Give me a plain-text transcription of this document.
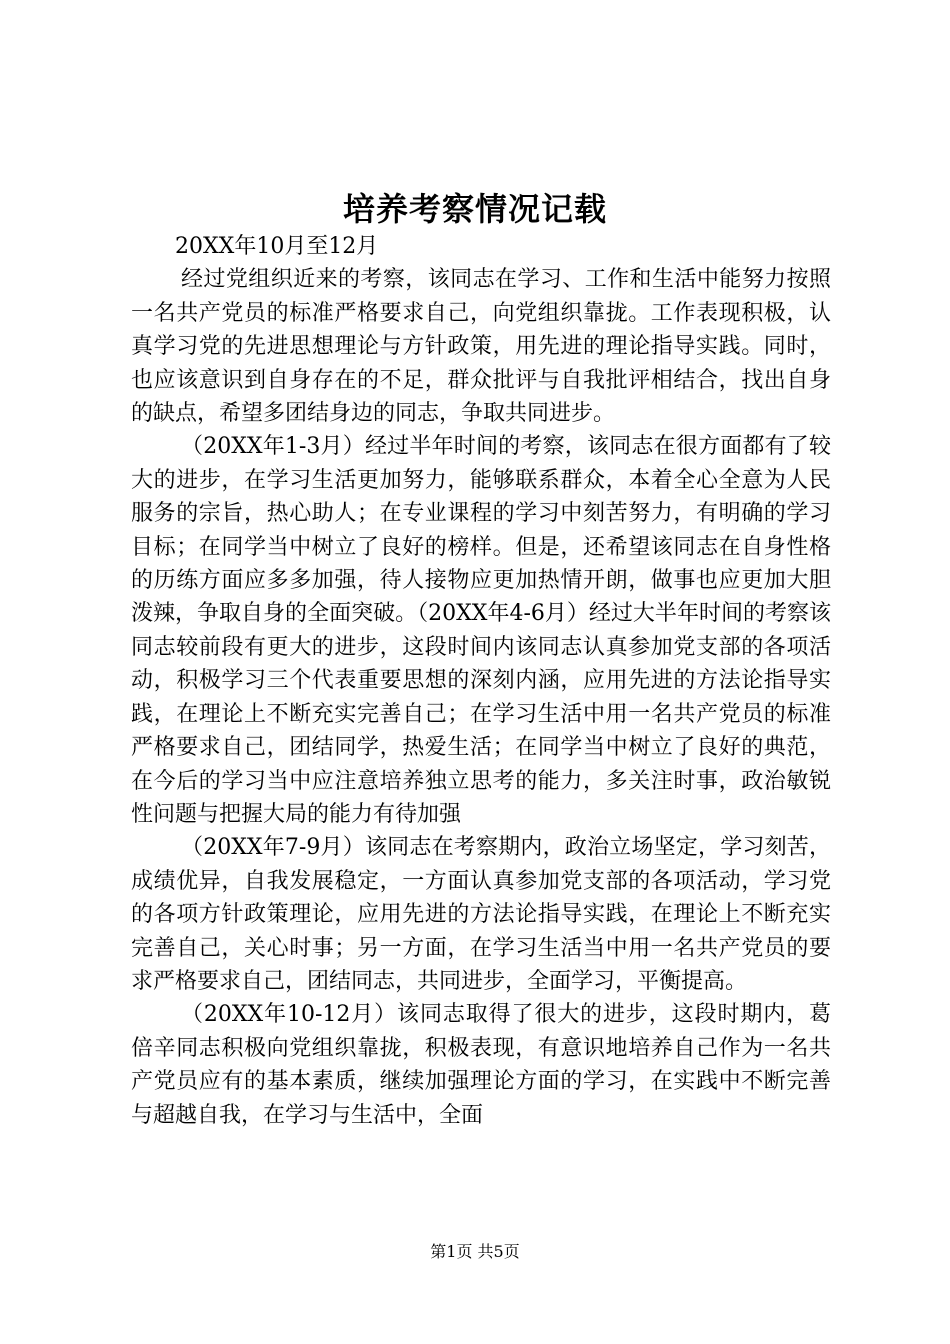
培养考察情况记载

20XX年10月至12月

经过党组织近来的考察，该同志在学习、工作和生活中能努力按照一名共产党员的标准严格要求自己，向党组织靠拢。工作表现积极，认真学习党的先进思想理论与方针政策，用先进的理论指导实践。同时，也应该意识到自身存在的不足，群众批评与自我批评相结合，找出自身的缺点，希望多团结身边的同志，争取共同进步。

（20XX年1-3月）经过半年时间的考察，该同志在很方面都有了较大的进步，在学习生活更加努力，能够联系群众，本着全心全意为人民服务的宗旨，热心助人；在专业课程的学习中刻苦努力，有明确的学习目标；在同学当中树立了良好的榜样。但是，还希望该同志在自身性格的历练方面应多多加强，待人接物应更加热情开朗，做事也应更加大胆泼辣，争取自身的全面突破。（20XX年4-6月）经过大半年时间的考察该同志较前段有更大的进步，这段时间内该同志认真参加党支部的各项活动，积极学习三个代表重要思想的深刻内涵，应用先进的方法论指导实践，在理论上不断充实完善自己；在学习生活中用一名共产党员的标准严格要求自己，团结同学，热爱生活；在同学当中树立了良好的典范，在今后的学习当中应注意培养独立思考的能力，多关注时事，政治敏锐性问题与把握大局的能力有待加强

（20XX年7-9月）该同志在考察期内，政治立场坚定，学习刻苦，成绩优异，自我发展稳定，一方面认真参加党支部的各项活动，学习党的各项方针政策理论，应用先进的方法论指导实践，在理论上不断充实完善自己，关心时事；另一方面，在学习生活当中用一名共产党员的要求严格要求自己，团结同志，共同进步，全面学习，平衡提高。

（20XX年10-12月）该同志取得了很大的进步，这段时期内，葛倍辛同志积极向党组织靠拢，积极表现，有意识地培养自己作为一名共产党员应有的基本素质，继续加强理论方面的学习，在实践中不断完善与超越自我，在学习与生活中，全面

第1页 共5页
